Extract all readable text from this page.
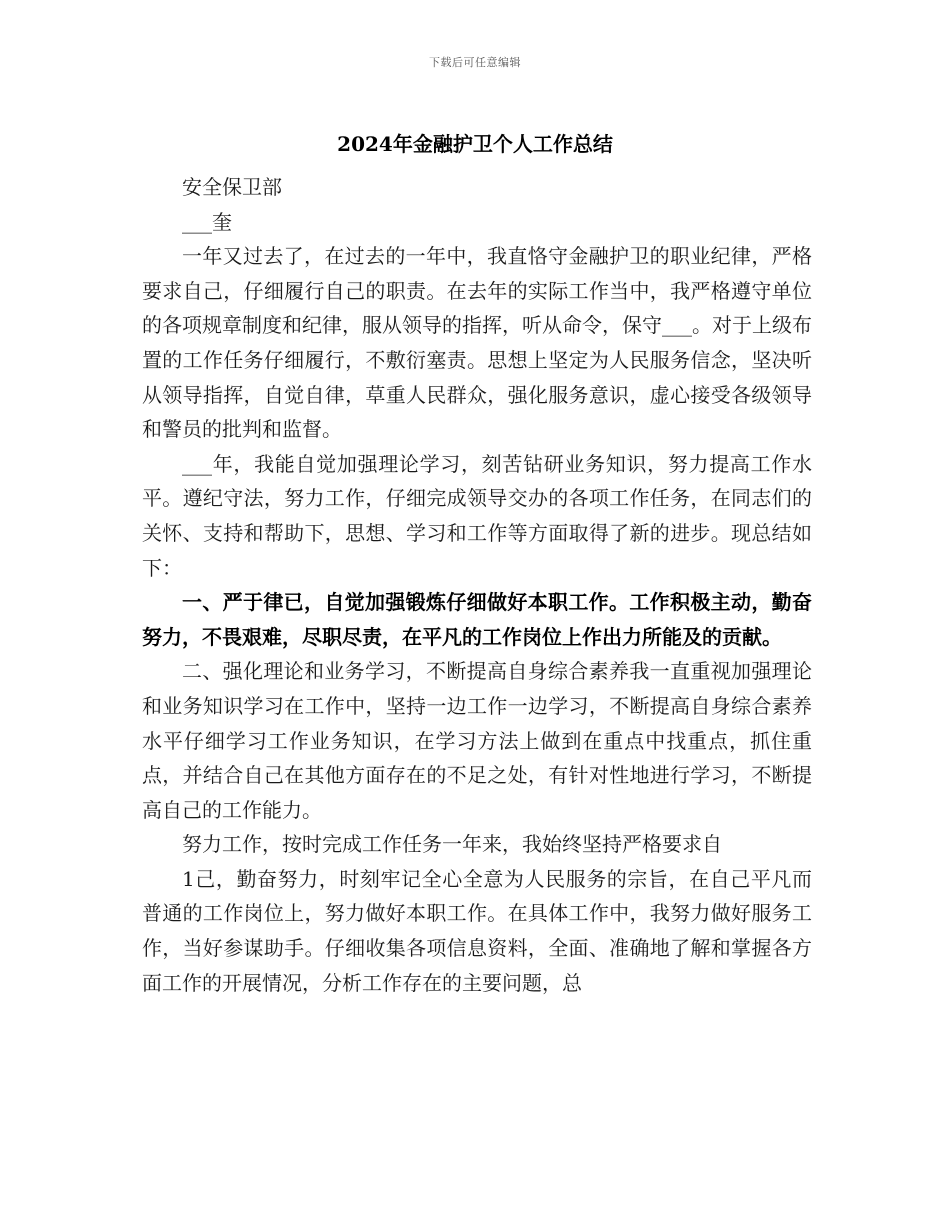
下载后可任意编辑
2024年金融护卫个人工作总结

安全保卫部

___奎

一年又过去了，在过去的一年中，我直恪守金融护卫的职业纪律，严格要求自己，仔细履行自己的职责。在去年的实际工作当中，我严格遵守单位的各项规章制度和纪律，服从领导的指挥，听从命令，保守___。对于上级布置的工作任务仔细履行，不敷衍塞责。思想上坚定为人民服务信念，坚决听从领导指挥，自觉自律，草重人民群众，强化服务意识，虚心接受各级领导和警员的批判和监督。

___年，我能自觉加强理论学习，刻苦钻研业务知识，努力提高工作水平。遵纪守法，努力工作，仔细完成领导交办的各项工作任务，在同志们的关怀、支持和帮助下，思想、学习和工作等方面取得了新的进步。现总结如下：

一、严于律已，自觉加强锻炼仔细做好本职工作。工作积极主动，勤奋努力，不畏艰难，尽职尽责，在平凡的工作岗位上作出力所能及的贡献。

二、强化理论和业务学习，不断提高自身综合素养我一直重视加强理论和业务知识学习在工作中，坚持一边工作一边学习，不断提高自身综合素养水平仔细学习工作业务知识，在学习方法上做到在重点中找重点，抓住重点，并结合自己在其他方面存在的不足之处，有针对性地进行学习，不断提高自己的工作能力。

努力工作，按时完成工作任务一年来，我始终坚持严格要求自

1己，勤奋努力，时刻牢记全心全意为人民服务的宗旨，在自己平凡而普通的工作岗位上，努力做好本职工作。在具体工作中，我努力做好服务工作，当好参谋助手。仔细收集各项信息资料，全面、准确地了解和掌握各方面工作的开展情况，分析工作存在的主要问题，总
